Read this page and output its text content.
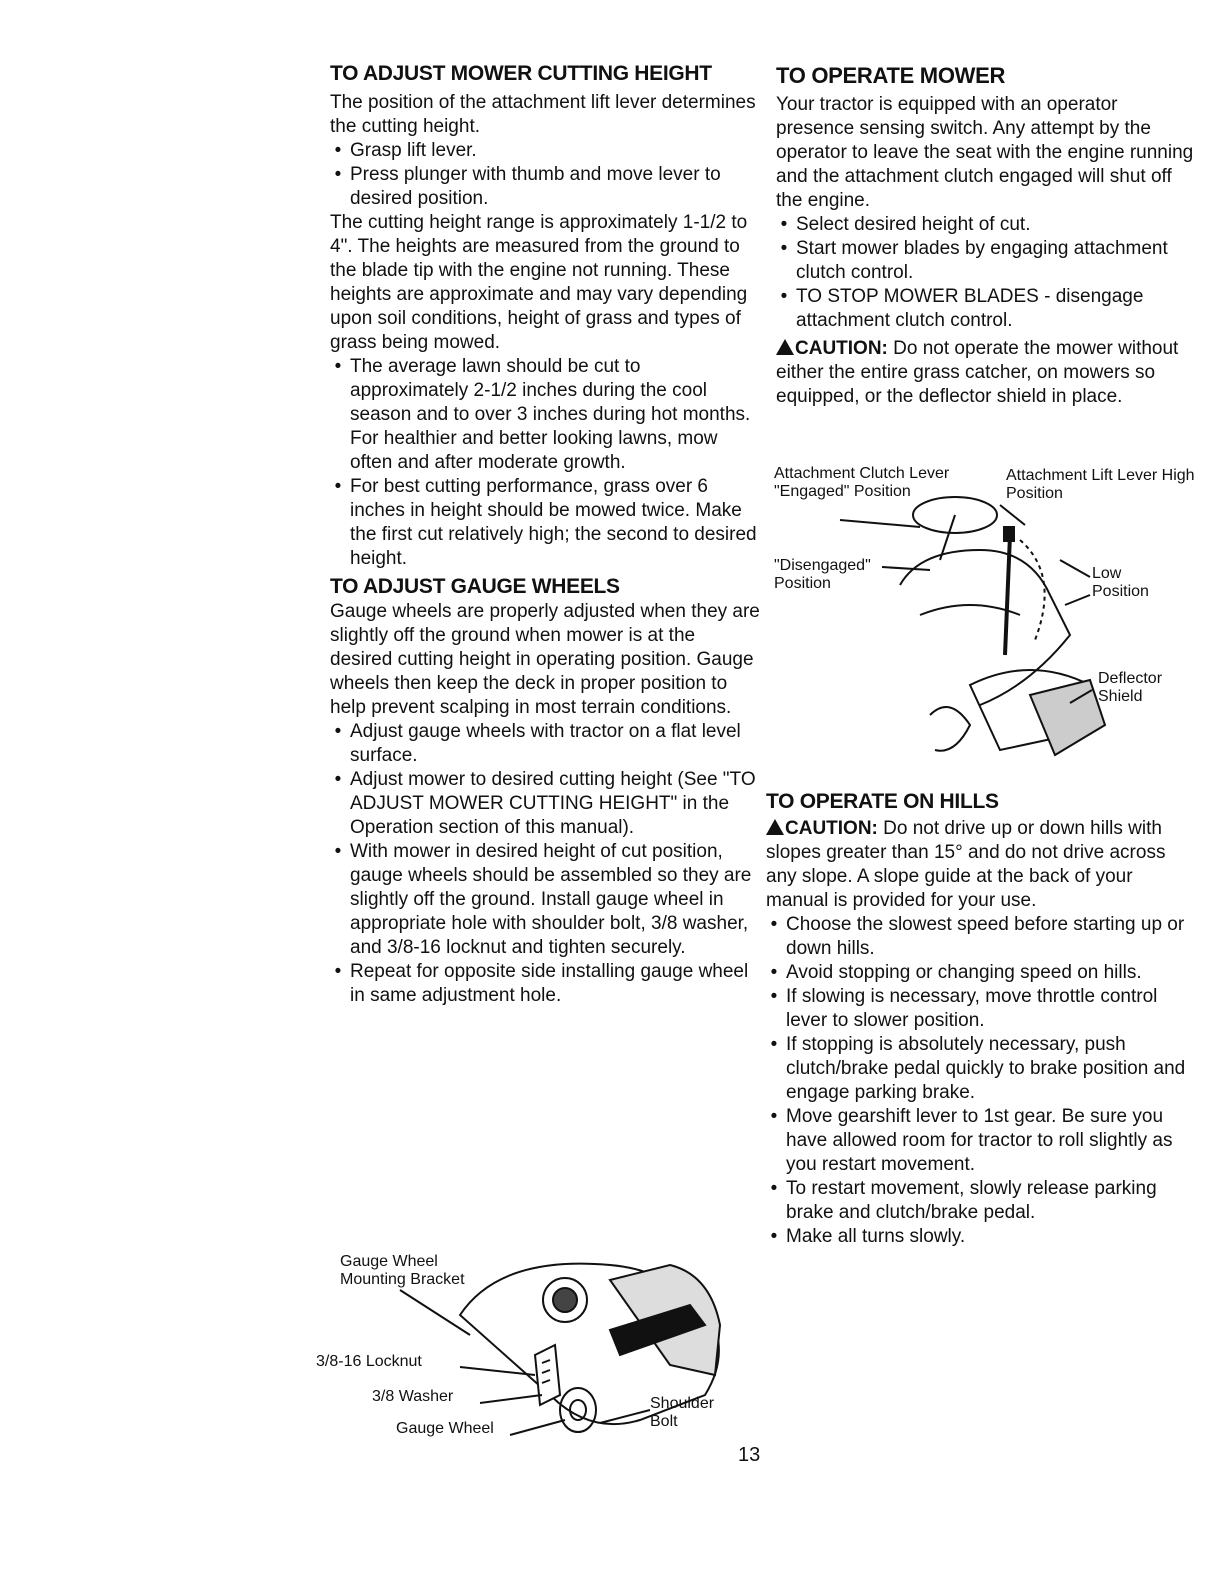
TO ADJUST MOWER CUTTING HEIGHT

The position of the attachment lift lever determines the cutting height.

• Grasp lift lever.
• Press plunger with thumb and move lever to desired position.

The cutting height range is approximately 1-1/2 to 4". The heights are measured from the ground to the blade tip with the engine not running. These heights are approximate and may vary depending upon soil conditions, height of grass and types of grass being mowed.

• The average lawn should be cut to approximately 2-1/2 inches during the cool season and to over 3 inches during hot months. For healthier and better looking lawns, mow often and after moderate growth.
• For best cutting performance, grass over 6 inches in height should be mowed twice. Make the first cut relatively high; the second to desired height.
TO ADJUST GAUGE WHEELS

Gauge wheels are properly adjusted when they are slightly off the ground when mower is at the desired cutting height in operating position. Gauge wheels then keep the deck in proper position to help prevent scalping in most terrain conditions.

• Adjust gauge wheels with tractor on a flat level surface.
• Adjust mower to desired cutting height (See "TO ADJUST MOWER CUTTING HEIGHT" in the Operation section of this manual).
• With mower in desired height of cut position, gauge wheels should be assembled so they are slightly off the ground. Install gauge wheel in appropriate hole with shoulder bolt, 3/8 washer, and 3/8-16 locknut and tighten securely.
• Repeat for opposite side installing gauge wheel in same adjustment hole.
Gauge Wheel Mounting Bracket
3/8-16 Locknut
3/8 Washer
Gauge Wheel
Shoulder Bolt
TO OPERATE MOWER

Your tractor is equipped with an operator presence sensing switch. Any attempt by the operator to leave the seat with the engine running and the attachment clutch engaged will shut off the engine.

• Select desired height of cut.
• Start mower blades by engaging attachment clutch control.
• TO STOP MOWER BLADES - disengage attachment clutch control.

CAUTION: Do not operate the mower without either the entire grass catcher, on mowers so equipped, or the deflector shield in place.

Attachment Clutch Lever "Engaged" Position
"Disengaged" Position
Attachment Lift Lever High Position
Low Position
Deflector Shield
TO OPERATE ON HILLS

CAUTION: Do not drive up or down hills with slopes greater than 15° and do not drive across any slope. A slope guide at the back of your manual is provided for your use.

• Choose the slowest speed before starting up or down hills.
• Avoid stopping or changing speed on hills.
• If slowing is necessary, move throttle control lever to slower position.
• If stopping is absolutely necessary, push clutch/brake pedal quickly to brake position and engage parking brake.
• Move gearshift lever to 1st gear. Be sure you have allowed room for tractor to roll slightly as you restart movement.
• To restart movement, slowly release parking brake and clutch/brake pedal.
• Make all turns slowly.
13
